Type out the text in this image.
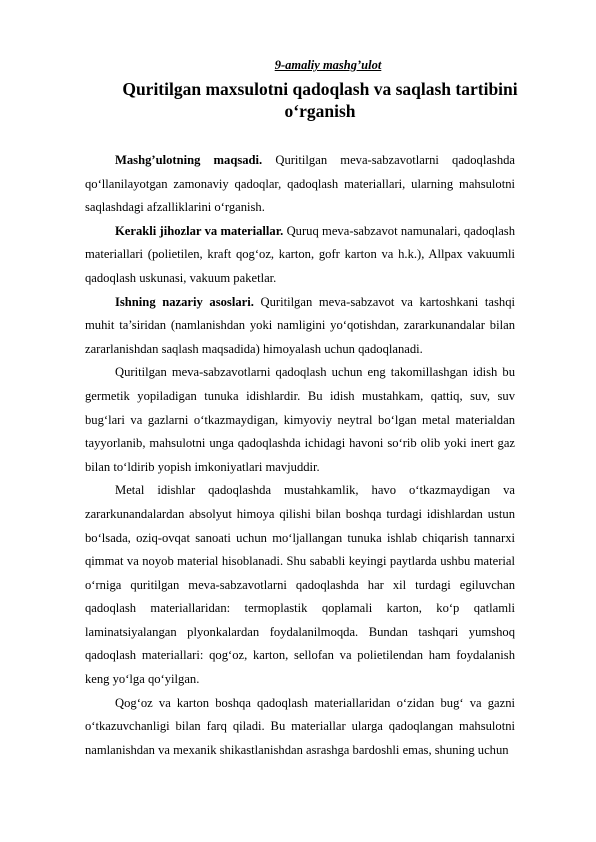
9-amaliy mashg’ulot
Quritilgan maxsulotni qadoqlash va saqlash tartibini
o‘rganish

Mashg’ulotning maqsadi. Quritilgan meva-sabzavotlarni qadoqlashda qo‘llanilayotgan zamonaviy qadoqlar, qadoqlash materiallari, ularning mahsulotni saqlashdagi afzalliklarini o‘rganish.

Kerakli jihozlar va materiallar. Quruq meva-sabzavot namunalari, qadoqlash materiallari (polietilen, kraft qog‘oz, karton, gofr karton va h.k.), Allpax vakuumli qadoqlash uskunasi, vakuum paketlar.

Ishning nazariy asoslari. Quritilgan meva-sabzavot va kartoshkani tashqi muhit ta’siridan (namlanishdan yoki namligini yo‘qotishdan, zararkunandalar bilan zararlanishdan saqlash maqsadida) himoyalash uchun qadoqlanadi.

Quritilgan meva-sabzavotlarni qadoqlash uchun eng takomillashgan idish bu germetik yopiladigan tunuka idishlardir. Bu idish mustahkam, qattiq, suv, suv bug‘lari va gazlarni o‘tkazmaydigan, kimyoviy neytral bo‘lgan metal materialdan tayyorlanib, mahsulotni unga qadoqlashda ichidagi havoni so‘rib olib yoki inert gaz bilan to‘ldirib yopish imkoniyatlari mavjuddir.

Metal idishlar qadoqlashda mustahkamlik, havo o‘tkazmaydigan va zararkunandalardan absolyut himoya qilishi bilan boshqa turdagi idishlardan ustun bo‘lsada, oziq-ovqat sanoati uchun mo‘ljallangan tunuka ishlab chiqarish tannarxi qimmat va noyob material hisoblanadi. Shu sababli keyingi paytlarda ushbu material o‘rniga quritilgan meva-sabzavotlarni qadoqlashda har xil turdagi egiluvchan qadoqlash materiallaridan: termoplastik qoplamali karton, ko‘p qatlamli laminatsiyalangan plyonkalardan foydalanilmoqda. Bundan tashqari yumshoq qadoqlash materiallari: qog‘oz, karton, sellofan va polietilendan ham foydalanish keng yo‘lga qo‘yilgan.

Qog‘oz va karton boshqa qadoqlash materiallaridan o‘zidan bug‘ va gazni o‘tkazuvchanligi bilan farq qiladi. Bu materiallar ularga qadoqlangan mahsulotni namlanishdan va mexanik shikastlanishdan asrashga bardoshli emas, shuning uchun
